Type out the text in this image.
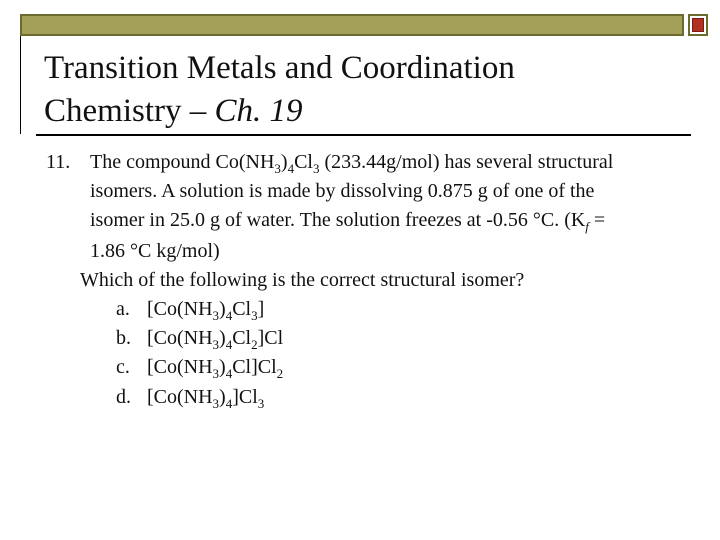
Transition Metals and Coordination
Chemistry – Ch. 19
11. The compound $Co(NH_3)_4Cl_3$ (233.44g/mol) has several structural
isomers. A solution is made by dissolving 0.875 g of one of the
isomer in 25.0 g of water. The solution freezes at -0.56 °C. ($K_f$ =
1.86 °C kg/mol)
Which of the following is the correct structural isomer?
a. $[Co(NH_3)_4Cl_3]$
b. $[Co(NH_3)_4Cl_2]Cl$
c. $[Co(NH_3)_4Cl]Cl_2$
d. $[Co(NH_3)_4]Cl_3$
